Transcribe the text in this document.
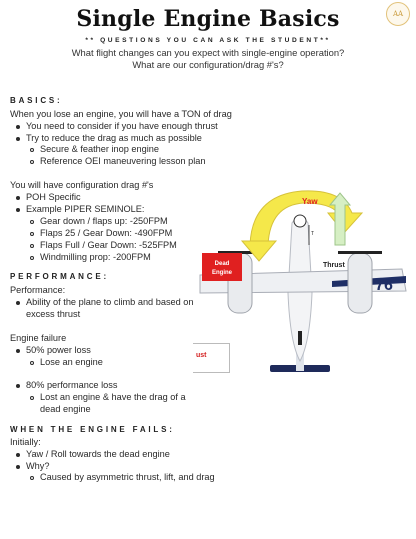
Single Engine Basics	AA
** QUESTIONS YOU CAN ASK THE STUDENT**
What flight changes can you expect with single-engine operation?
What are our configuration/drag #'s?
BASICS:
When you lose an engine, you will have a TON of drag
You need to consider if you have enough thrust
Try to reduce the drag as much as possible
Secure & feather inop engine
Reference OEI maneuvering lesson plan
You will have configuration drag #'s
POH Specific
Example PIPER SEMINOLE:
Gear down / flaps up: -250FPM
Flaps 25 / Gear Down: -490FPM
Flaps Full / Gear Down: -525FPM
Windmilling prop: -200FPM
PERFORMANCE:
Performance:
Ability of the plane to climb and based on
excess thrust
Engine failure
50% power loss
Lose an engine
80% performance loss
Lost an engine & have the drag of a
dead engine
WHEN THE ENGINE FAILS:
Initially:
Yaw / Roll towards the dead engine
Why?
Caused by asymmetric thrust, lift, and drag
ust
Yaw
Thrust
T
Dead
Engine
76
